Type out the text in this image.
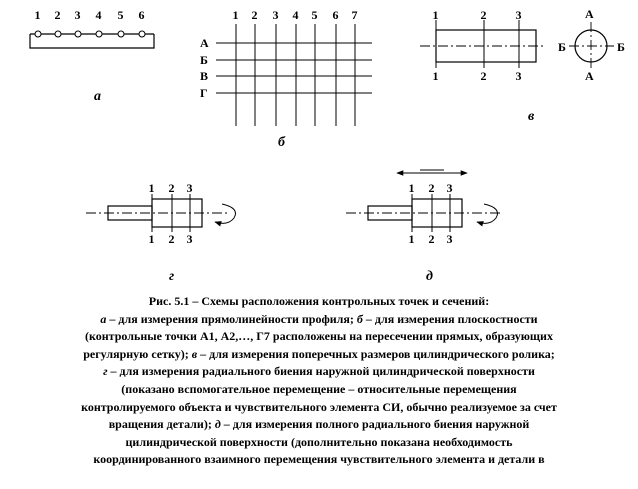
1 2 3 4 5 6
а
1 2 3 4 5 6 7
А
Б
В
Г
б
1
1
2
2
3
3
А
А
Б	Б
в
1
1
2
2
3
3
г
1
1
2
2
3
3
д
Рис. 5.1 – Схемы расположения контрольных точек и сечений:
а – для измерения прямолинейности профиля; б – для измерения плоскостности
(контрольные точки А1, А2,…, Г7 расположены на пересечении прямых, образующих
регулярную сетку); в – для измерения поперечных размеров цилиндрического ролика;
г – для измерения радиального биения наружной цилиндрической поверхности
(показано вспомогательное перемещение – относительные перемещения
контролируемого объекта и чувствительного элемента СИ, обычно реализуемое за счет
вращения детали); д – для измерения полного радиального биения наружной
цилиндрической поверхности (дополнительно показана необходимость
координированного взаимного перемещения чувствительного элемента и детали в
